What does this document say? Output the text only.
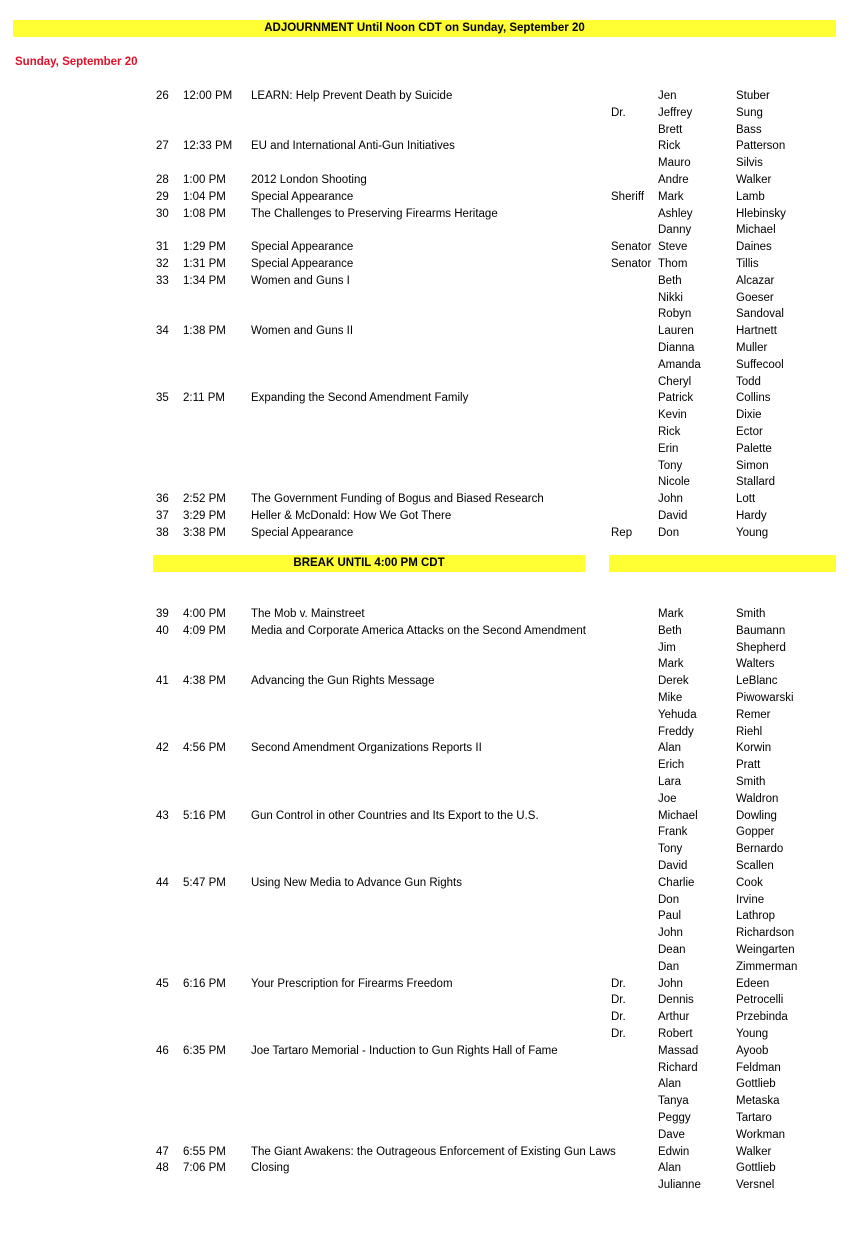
ADJOURNMENT Until Noon CDT on Sunday, September 20
Sunday, September 20
26 12:00 PM LEARN: Help Prevent Death by Suicide	Jen	Stuber
Dr.	Jeffrey	Sung
Brett	Bass
27 12:33 PM EU and International Anti-Gun Initiatives	Rick	Patterson
Mauro	Silvis
28 1:00 PM 2012 London Shooting	Andre	Walker
29 1:04 PM Special Appearance	Sheriff Mark	Lamb
30 1:08 PM The Challenges to Preserving Firearms Heritage	Ashley	Hlebinsky
Danny	Michael
31 1:29 PM Special Appearance	Senator Steve	Daines
32 1:31 PM Special Appearance	Senator Thom	Tillis
33 1:34 PM Women and Guns I	Beth	Alcazar
Nikki	Goeser
Robyn	Sandoval
34 1:38 PM Women and Guns II	Lauren	Hartnett
Dianna	Muller
Amanda	Suffecool
Cheryl	Todd
35 2:11 PM Expanding the Second Amendment Family	Patrick	Collins
Kevin	Dixie
Rick	Ector
Erin	Palette
Tony	Simon
Nicole	Stallard
36 2:52 PM The Government Funding of Bogus and Biased Research	John	Lott
37 3:29 PM Heller & McDonald: How We Got There	David	Hardy
38 3:38 PM Special Appearance	Rep Don	Young
BREAK UNTIL 4:00 PM CDT
39 4:00 PM The Mob v. Mainstreet	Mark	Smith
40 4:09 PM Media and Corporate America Attacks on the Second Amendment	Beth	Baumann
Jim	Shepherd
Mark	Walters
41 4:38 PM Advancing the Gun Rights Message	Derek	LeBlanc
Mike	Piwowarski
Yehuda	Remer
Freddy	Riehl
42 4:56 PM Second Amendment Organizations Reports II	Alan	Korwin
Erich	Pratt
Lara	Smith
Joe	Waldron
43 5:16 PM Gun Control in other Countries and Its Export to the U.S.	Michael	Dowling
Frank	Gopper
Tony	Bernardo
David	Scallen
44 5:47 PM Using New Media to Advance Gun Rights	Charlie	Cook
Don	Irvine
Paul	Lathrop
John	Richardson
Dean	Weingarten
Dan	Zimmerman
45 6:16 PM Your Prescription for Firearms Freedom	Dr.	John	Edeen
Dr.	Dennis	Petrocelli
Dr.	Arthur	Przebinda
Dr.	Robert	Young
46 6:35 PM Joe Tartaro Memorial - Induction to Gun Rights Hall of Fame	Massad	Ayoob
Richard	Feldman
Alan	Gottlieb
Tanya	Metaska
Peggy	Tartaro
Dave	Workman
47 6:55 PM The Giant Awakens: the Outrageous Enforcement of Existing Gun Laws	Edwin	Walker
48 7:06 PM Closing	Alan	Gottlieb
Julianne	Versnel
